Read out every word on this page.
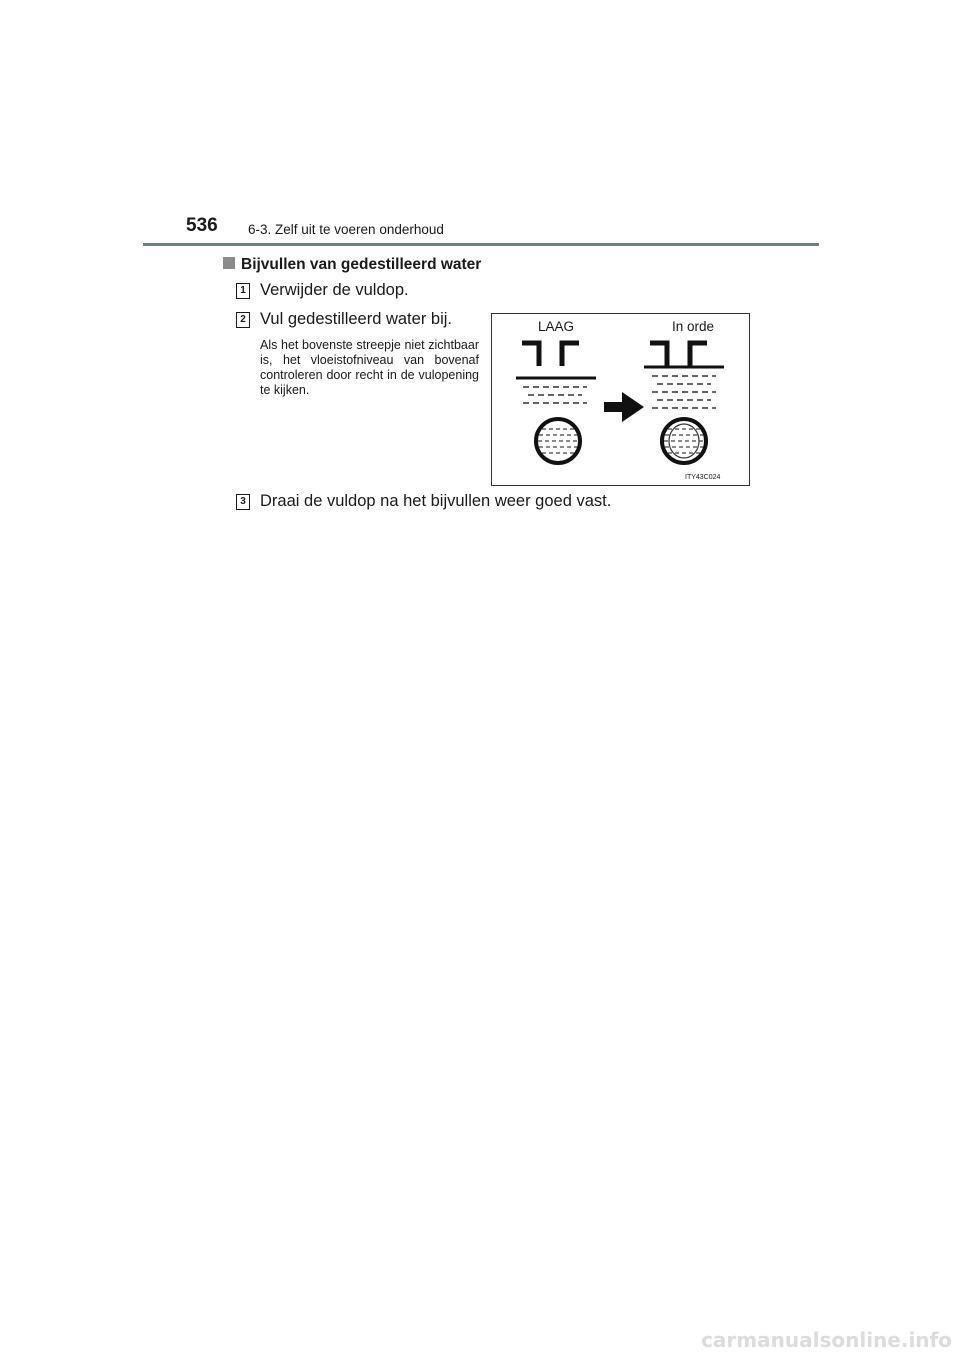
536 6-3. Zelf uit te voeren onderhoud
Bijvullen van gedestilleerd water
1 Verwijder de vuldop.
2 Vul gedestilleerd water bij.
Als het bovenste streepje niet zichtbaar is, het vloeistofniveau van bovenaf controleren door recht in de vulopening te kijken.
LAAG	In orde
ITY43C024
3 Draai de vuldop na het bijvullen weer goed vast.
carmanualsonline.info
